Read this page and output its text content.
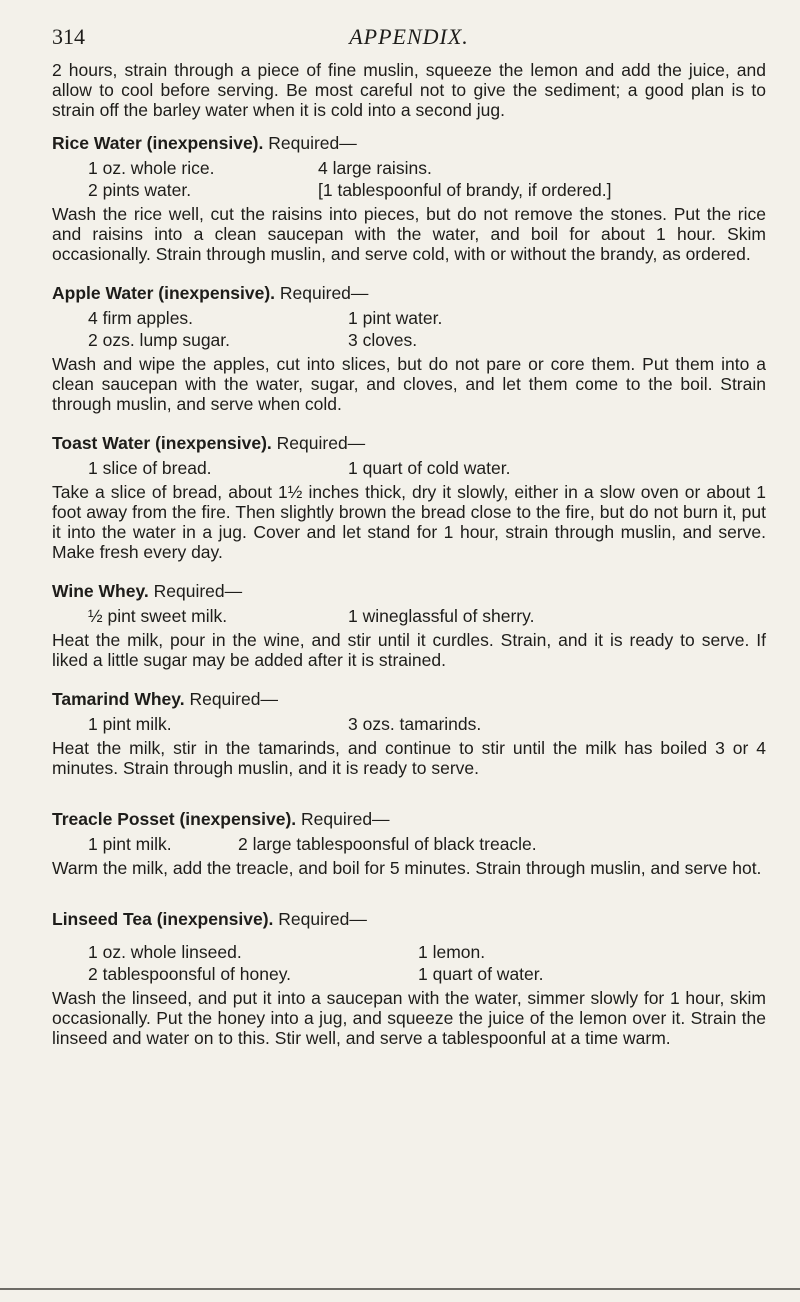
314	APPENDIX.

2 hours, strain through a piece of fine muslin, squeeze the lemon and add the juice, and allow to cool before serving. Be most careful not to give the sediment; a good plan is to strain off the barley water when it is cold into a second jug.

Rice Water (inexpensive). Required—
1 oz. whole rice.	4 large raisins.
2 pints water.	[1 tablespoonful of brandy, if ordered.]

Wash the rice well, cut the raisins into pieces, but do not remove the stones. Put the rice and raisins into a clean saucepan with the water, and boil for about 1 hour. Skim occasionally. Strain through muslin, and serve cold, with or without the brandy, as ordered.

Apple Water (inexpensive). Required—
4 firm apples.	1 pint water.
2 ozs. lump sugar.	3 cloves.

Wash and wipe the apples, cut into slices, but do not pare or core them. Put them into a clean saucepan with the water, sugar, and cloves, and let them come to the boil. Strain through muslin, and serve when cold.

Toast Water (inexpensive). Required—
1 slice of bread.	1 quart of cold water.

Take a slice of bread, about 1½ inches thick, dry it slowly, either in a slow oven or about 1 foot away from the fire. Then slightly brown the bread close to the fire, but do not burn it, put it into the water in a jug. Cover and let stand for 1 hour, strain through muslin, and serve. Make fresh every day.

Wine Whey. Required—
½ pint sweet milk.	1 wineglassful of sherry.

Heat the milk, pour in the wine, and stir until it curdles. Strain, and it is ready to serve. If liked a little sugar may be added after it is strained.

Tamarind Whey. Required—
1 pint milk.	3 ozs. tamarinds.

Heat the milk, stir in the tamarinds, and continue to stir until the milk has boiled 3 or 4 minutes. Strain through muslin, and it is ready to serve.

Treacle Posset (inexpensive). Required—
1 pint milk.	2 large tablespoonsful of black treacle.

Warm the milk, add the treacle, and boil for 5 minutes. Strain through muslin, and serve hot.

Linseed Tea (inexpensive). Required—
1 oz. whole linseed.	1 lemon.
2 tablespoonsful of honey.	1 quart of water.

Wash the linseed, and put it into a saucepan with the water, simmer slowly for 1 hour, skim occasionally. Put the honey into a jug, and squeeze the juice of the lemon over it. Strain the linseed and water on to this. Stir well, and serve a tablespoonful at a time warm.
